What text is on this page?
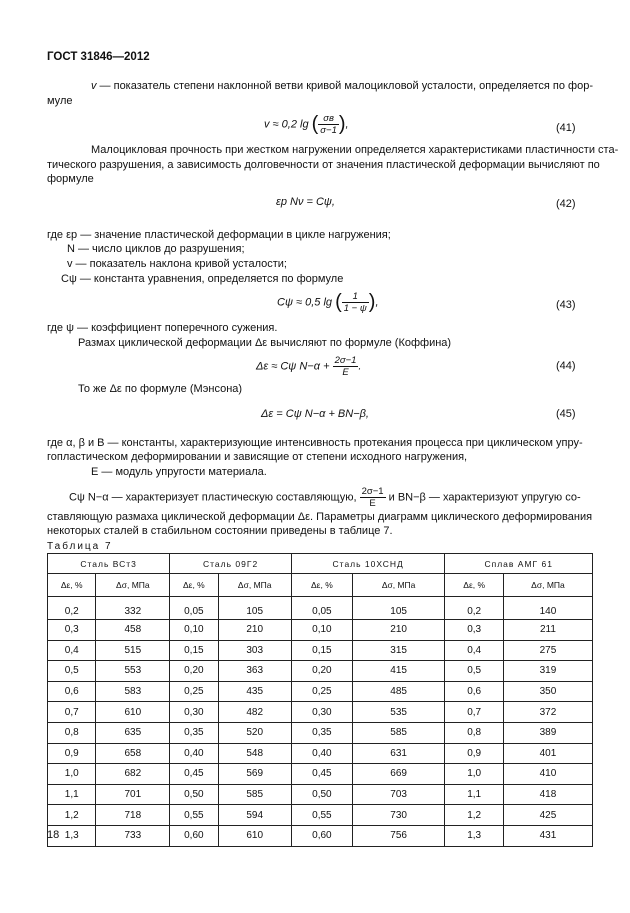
ГОСТ 31846—2012
v — показатель степени наклонной ветви кривой малоцикловой усталости, определяется по фор-
муле
v ≈ 0,2 lg ( $\frac{\sigma в}{\sigma-1}$ ),	(41)
Малоцикловая прочность при жестком нагружении определяется характеристиками пластичности ста-
тического разрушения, а зависимость долговечности от значения пластической деформации вычисляют по
формуле
εр Nν = Cψ,	(42)
где εр — значение пластической деформации в цикле нагружения;
N — число циклов до разрушения;
v — показатель наклона кривой усталости;
Cψ — константа уравнения, определяется по формуле
Cψ ≈ 0,5 lg ( $\frac{1}{1 - \psi}$ ),	(43)
где ψ — коэффициент поперечного сужения.
Размах циклической деформации Δε вычисляют по формуле (Коффина)
Δε ≈ Cψ $N-\alpha + \frac{2\sigma-1}{E}$ .	(44)
То же Δε по формуле (Мэнсона)
Δε = Cψ N−α + BN−β,	(45)
где α, β и B — константы, характеризующие интенсивность протекания процесса при циклическом упру-
гопластическом деформировании и зависящие от степени исходного нагружения,
E — модуль упругости материала.
Cψ N−α — характеризует пластическую составляющую, $\frac{2\sigma-1}{E}$ и BN−β — характеризуют упругую со-
ставляющую размаха циклической деформации Δε. Параметры диаграмм циклического деформирования
некоторых сталей в стабильном состоянии приведены в таблице 7.
Таблица 7
Сталь ВСт3		Сталь 09Г2		Сталь 10ХСНД		Сплав АМГ 61	
Δε, %	Δσ, МПа	Δε, %	Δσ, МПа	Δε, %	Δσ, МПа	Δε, %	Δσ, МПа
0,2	332	0,05	105	0,05	105	0,2	140
0,3	458	0,10	210	0,10	210	0,3	211
0,4	515	0,15	303	0,15	315	0,4	275
0,5	553	0,20	363	0,20	415	0,5	319
0,6	583	0,25	435	0,25	485	0,6	350
0,7	610	0,30	482	0,30	535	0,7	372
0,8	635	0,35	520	0,35	585	0,8	389
0,9	658	0,40	548	0,40	631	0,9	401
1,0	682	0,45	569	0,45	669	1,0	410
1,1	701	0,50	585	0,50	703	1,1	418
1,2	718	0,55	594	0,55	730	1,2	425
1,3	733	0,60	610	0,60	756	1,3	431
18
